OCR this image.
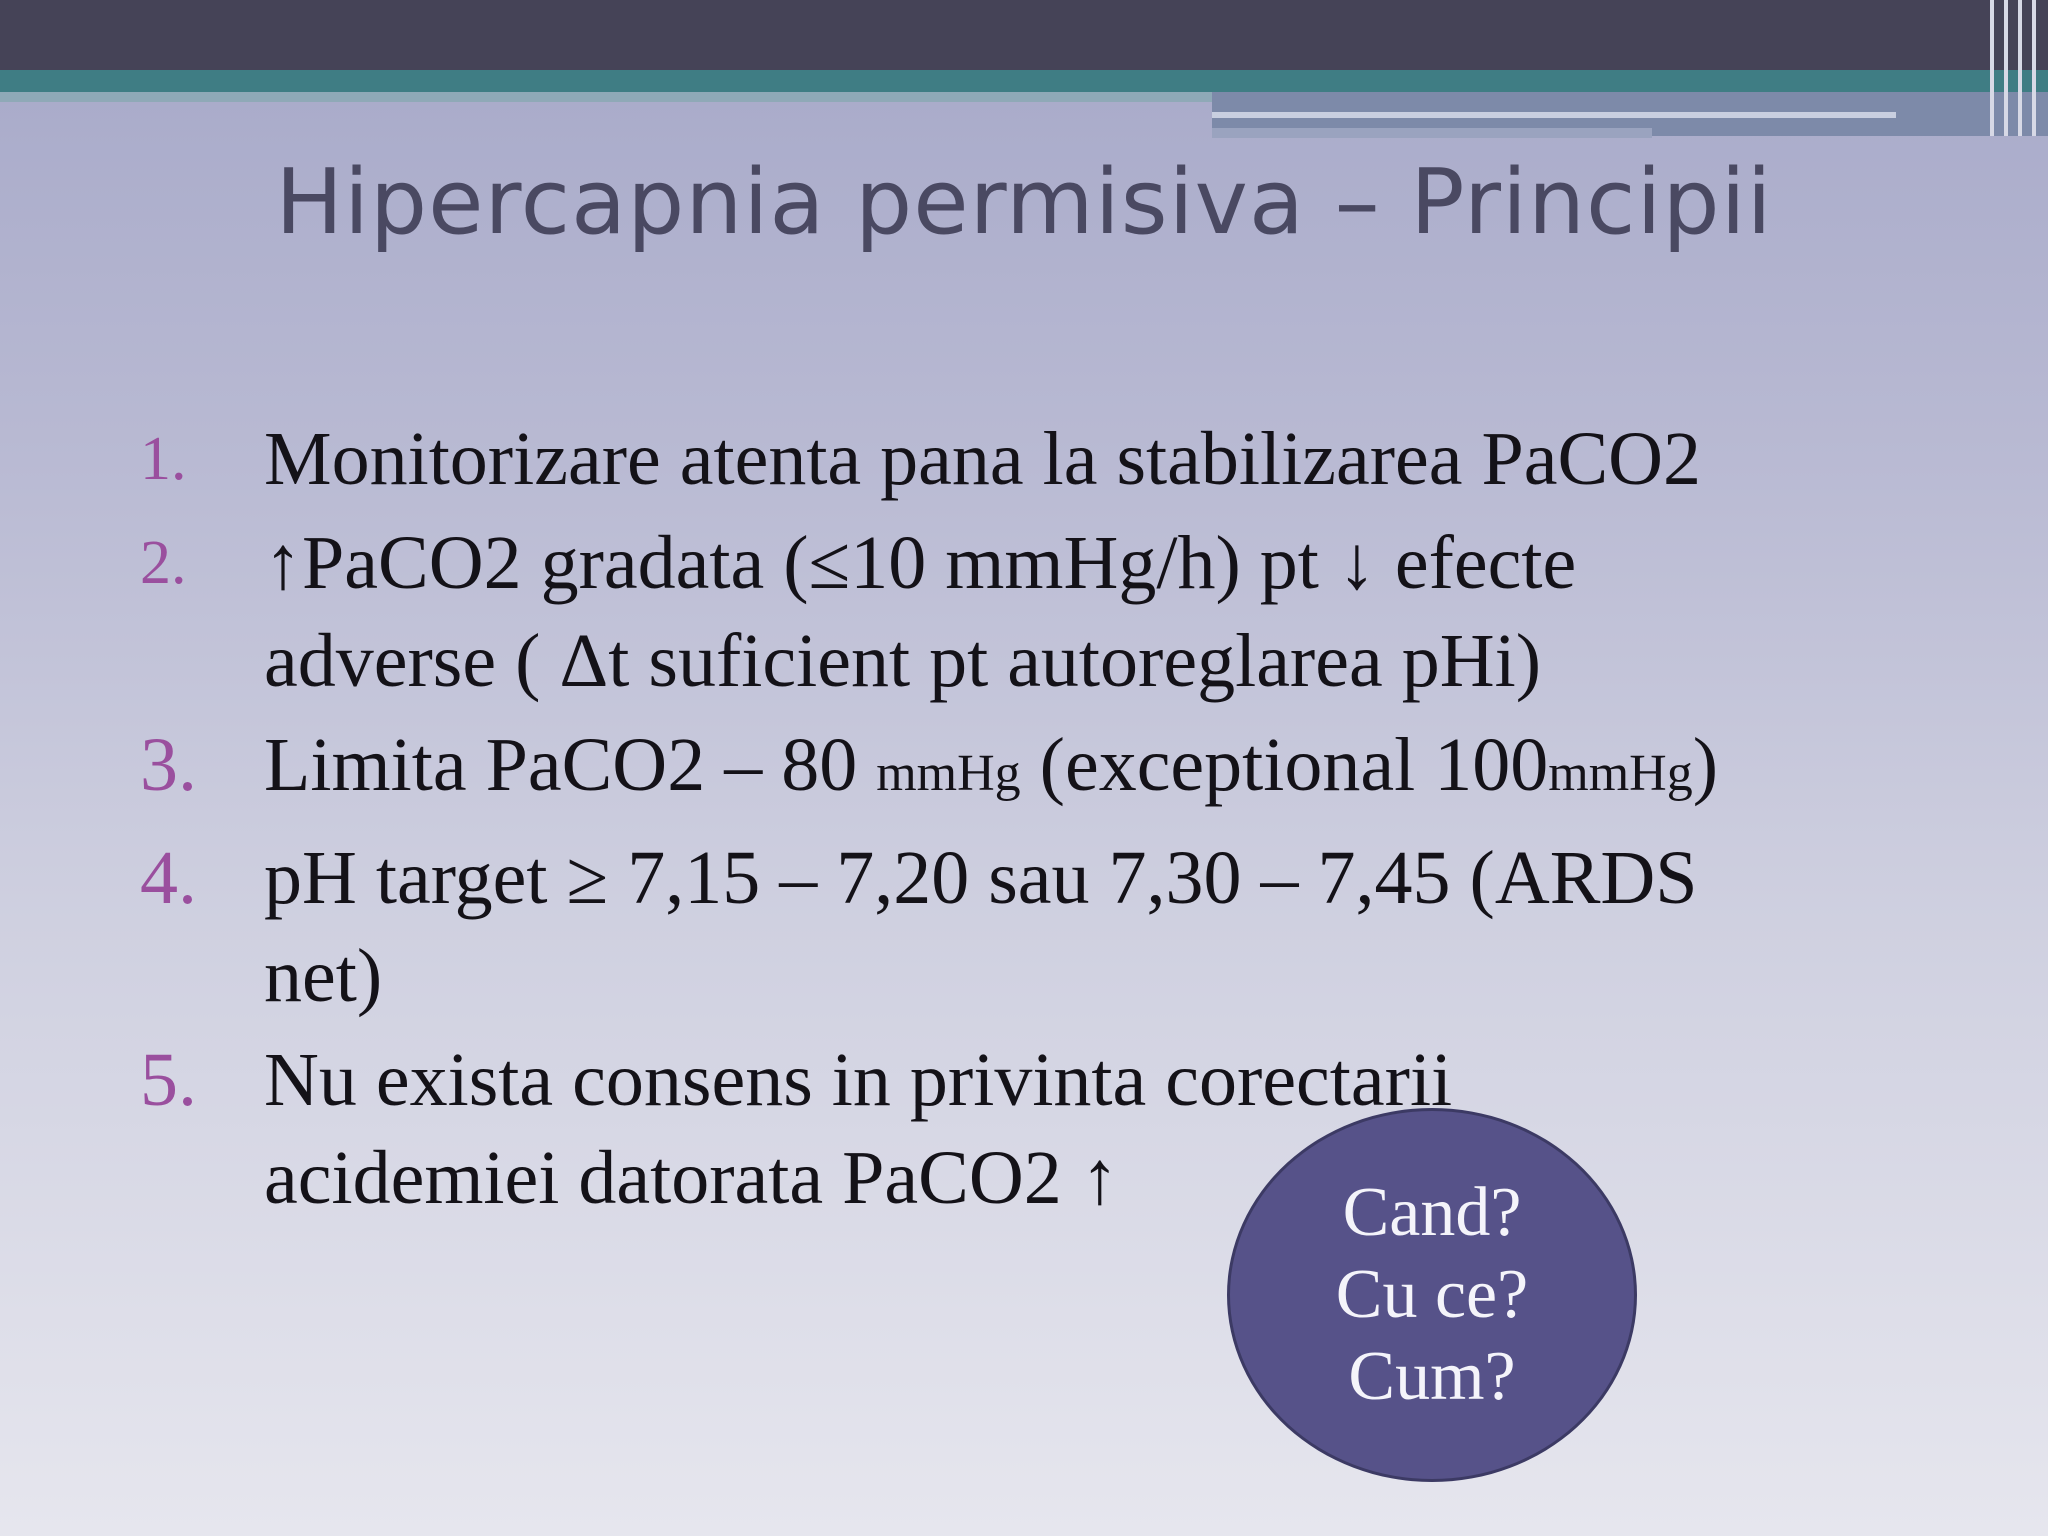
Hipercapnia permisiva – Principii
1.	Monitorizare atenta pana la stabilizarea PaCO2
2.	↑PaCO2 gradata (≤10 mmHg/h) pt ↓ efecte
adverse ( Δt suficient pt autoreglarea pHi)
3. Limita PaCO2 – 80 mmHg (exceptional 100mmHg)
4. pH target ≥ 7,15 – 7,20 sau 7,30 – 7,45 (ARDS
net)
5. Nu exista consens in privinta corectarii
acidemiei datorata PaCO2 ↑	Cand?
Cu ce?
Cum?
